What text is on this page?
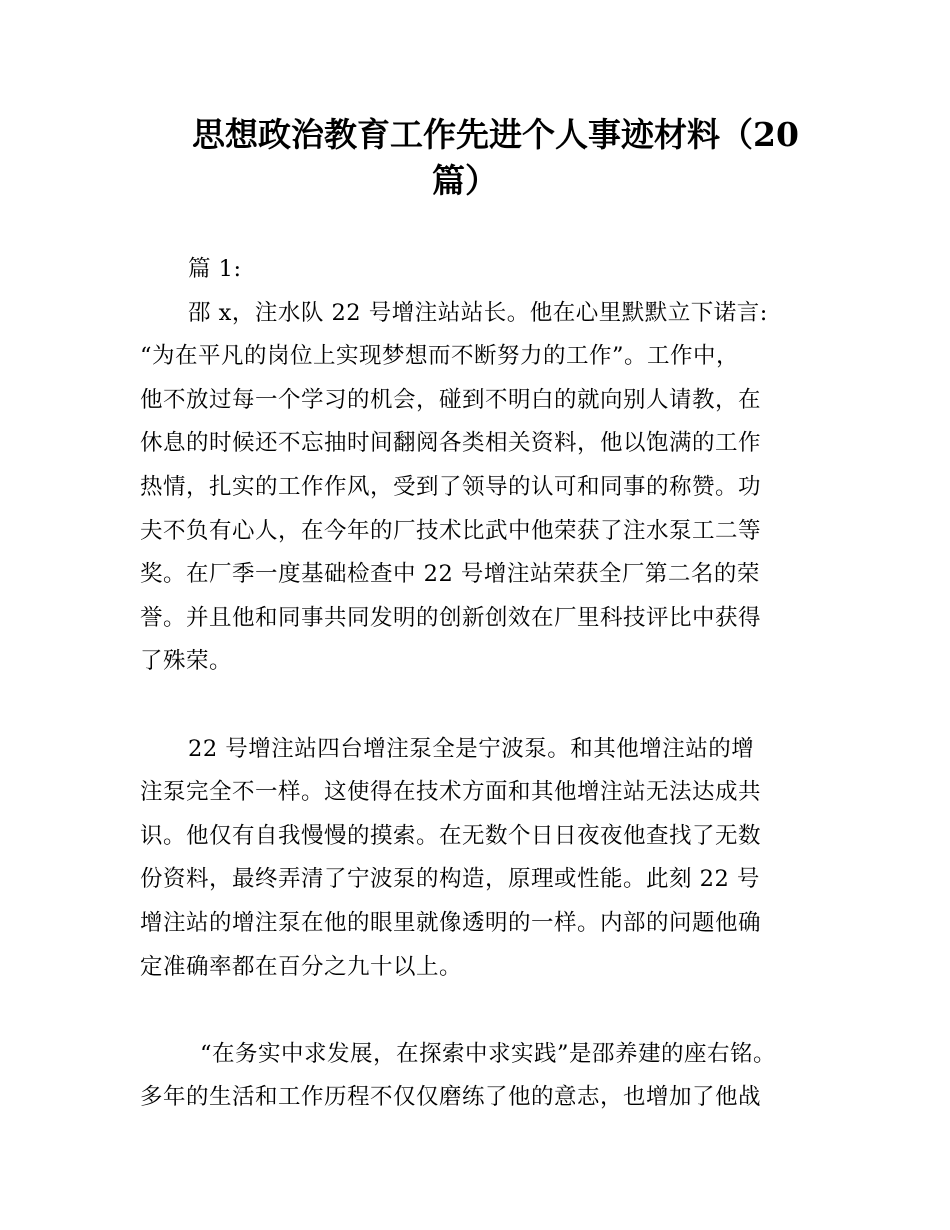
思想政治教育工作先进个人事迹材料（20
篇）
篇 1:
邵 x，注水队 22 号增注站站长。他在心里默默立下诺言:
“为在平凡的岗位上实现梦想而不断努力的工作”。工作中，
他不放过每一个学习的机会，碰到不明白的就向别人请教，在
休息的时候还不忘抽时间翻阅各类相关资料，他以饱满的工作
热情，扎实的工作作风，受到了领导的认可和同事的称赞。功
夫不负有心人，在今年的厂技术比武中他荣获了注水泵工二等
奖。在厂季一度基础检查中 22 号增注站荣获全厂第二名的荣
誉。并且他和同事共同发明的创新创效在厂里科技评比中获得
了殊荣。
22 号增注站四台增注泵全是宁波泵。和其他增注站的增
注泵完全不一样。这使得在技术方面和其他增注站无法达成共
识。他仅有自我慢慢的摸索。在无数个日日夜夜他查找了无数
份资料，最终弄清了宁波泵的构造，原理或性能。此刻 22 号
增注站的增注泵在他的眼里就像透明的一样。内部的问题他确
定准确率都在百分之九十以上。
“在务实中求发展，在探索中求实践”是邵养建的座右铭。
多年的生活和工作历程不仅仅磨练了他的意志，也增加了他战
